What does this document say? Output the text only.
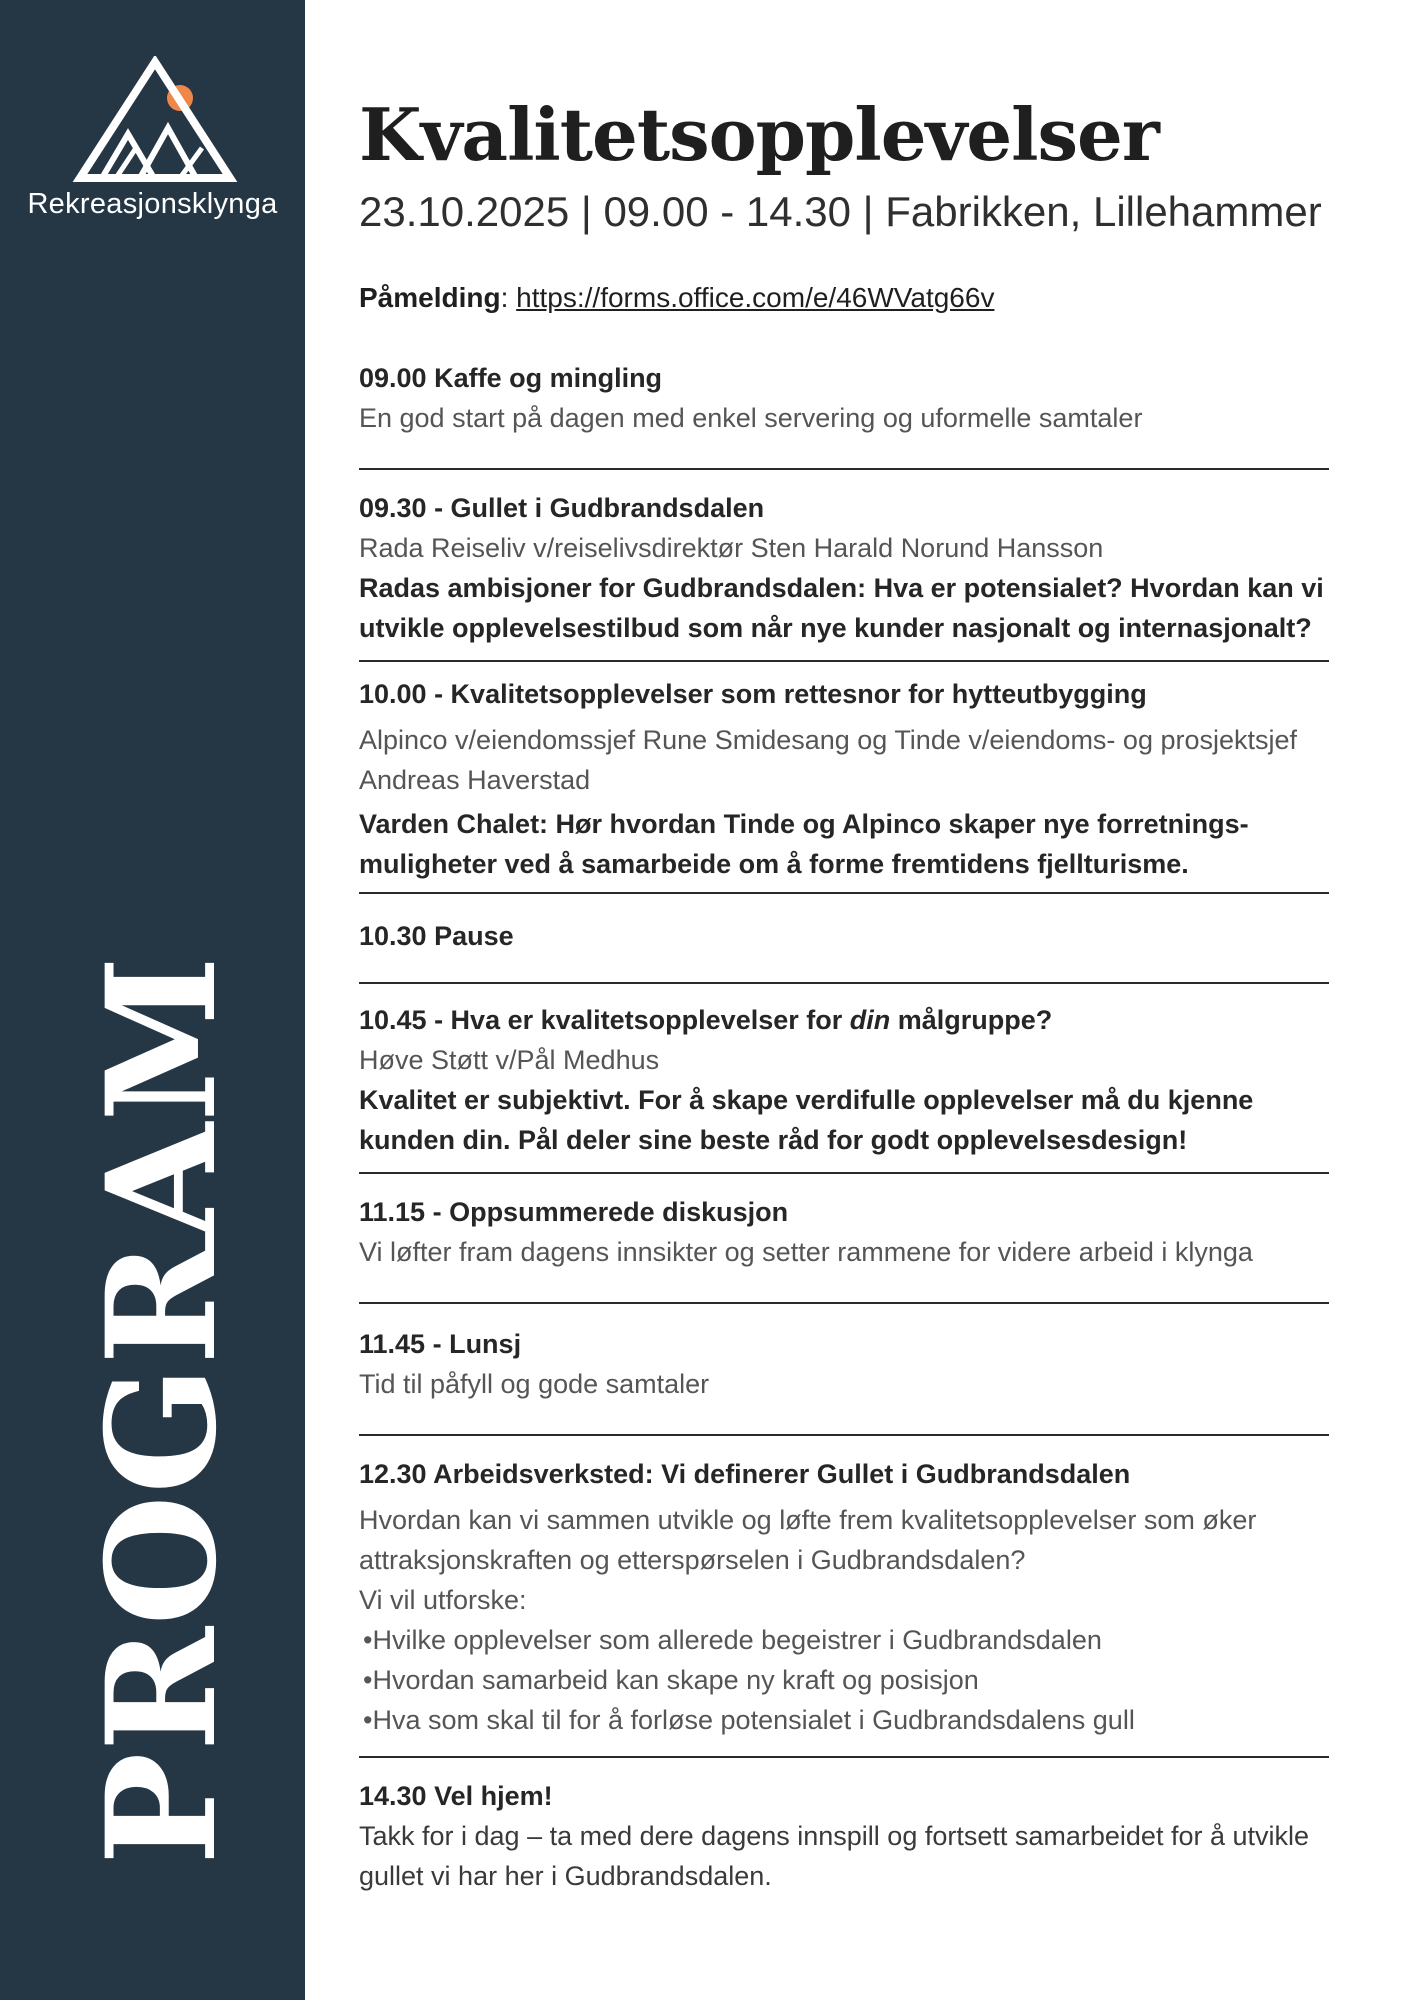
Rekreasjonsklynga
PROGRAM
Kvalitetsopplevelser
23.10.2025 | 09.00 - 14.30 | Fabrikken, Lillehammer
Påmelding: https://forms.office.com/e/46WVatg66v
09.00 Kaffe og mingling
En god start på dagen med enkel servering og uformelle samtaler
09.30 - Gullet i Gudbrandsdalen
Rada Reiseliv v/reiselivsdirektør Sten Harald Norund Hansson
Radas ambisjoner for Gudbrandsdalen: Hva er potensialet? Hvordan kan vi
utvikle opplevelsestilbud som når nye kunder nasjonalt og internasjonalt?
10.00 - Kvalitetsopplevelser som rettesnor for hytteutbygging
Alpinco v/eiendomssjef Rune Smidesang og Tinde v/eiendoms- og prosjektsjef
Andreas Haverstad
Varden Chalet: Hør hvordan Tinde og Alpinco skaper nye forretnings-
muligheter ved å samarbeide om å forme fremtidens fjellturisme.
10.30 Pause
10.45 - Hva er kvalitetsopplevelser for din målgruppe?
Høve Støtt v/Pål Medhus
Kvalitet er subjektivt. For å skape verdifulle opplevelser må du kjenne
kunden din. Pål deler sine beste råd for godt opplevelsesdesign!
11.15 - Oppsummerede diskusjon
Vi løfter fram dagens innsikter og setter rammene for videre arbeid i klynga
11.45 - Lunsj
Tid til påfyll og gode samtaler
12.30 Arbeidsverksted: Vi definerer Gullet i Gudbrandsdalen
Hvordan kan vi sammen utvikle og løfte frem kvalitetsopplevelser som øker
attraksjonskraften og etterspørselen i Gudbrandsdalen?
Vi vil utforske:
• Hvilke opplevelser som allerede begeistrer i Gudbrandsdalen
• Hvordan samarbeid kan skape ny kraft og posisjon
• Hva som skal til for å forløse potensialet i Gudbrandsdalens gull
14.30 Vel hjem!
Takk for i dag – ta med dere dagens innspill og fortsett samarbeidet for å utvikle
gullet vi har her i Gudbrandsdalen.
